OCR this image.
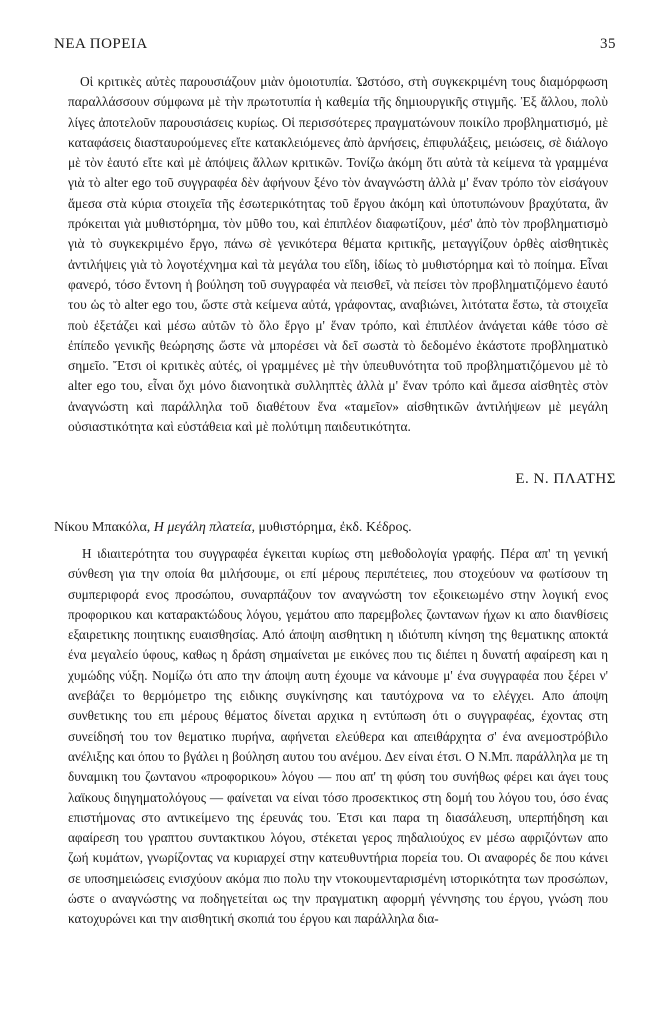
ΝΕΑ ΠΟΡΕΙΑ	35

Οἱ κριτικὲς αὐτὲς παρουσιάζουν μιὰν ὁμοιοτυπία. Ὡστόσο, στὴ συγκεκριμένη τους διαμόρφωση παραλλάσσουν σύμφωνα μὲ τὴν πρωτοτυπία ἡ καθεμία τῆς δημιουργικῆς στιγμῆς. Ἐξ ἄλλου, πολὺ λίγες ἀποτελοῦν παρουσιάσεις κυρίως. Οἱ περισσότερες πραγματώνουν ποικίλο προβληματισμό, μὲ καταφάσεις διασταυρούμενες εἴτε κατακλειόμενες ἀπὸ ἀρνήσεις, ἐπιφυλάξεις, μειώσεις, σὲ διάλογο μὲ τὸν ἑαυτό εἴτε καὶ μὲ ἀπόψεις ἄλλων κριτικῶν. Τονίζω ἀκόμη ὅτι αὐτὰ τὰ κείμενα τὰ γραμμένα γιὰ τὸ alter ego τοῦ συγγραφέα δὲν ἀφήνουν ξένο τὸν ἀναγνώστη ἀλλὰ μ' ἕναν τρόπο τὸν εἰσάγουν ἄμεσα στὰ κύρια στοιχεῖα τῆς ἐσωτερικότητας τοῦ ἔργου ἀκόμη καὶ ὑποτυπώνουν βραχύτατα, ἂν πρόκειται γιὰ μυθιστόρημα, τὸν μῦθο του, καὶ ἐπιπλέον διαφωτίζουν, μέσ' ἀπὸ τὸν προβληματισμὸ γιὰ τὸ συγκεκριμένο ἔργο, πάνω σὲ γενικότερα θέματα κριτικῆς, μεταγγίζουν ὀρθὲς αἰσθητικὲς ἀντιλήψεις γιὰ τὸ λογοτέχνημα καὶ τὰ μεγάλα του εἴδη, ἰδίως τὸ μυθιστόρημα καὶ τὸ ποίημα. Εἶναι φανερό, τόσο ἔντονη ἡ βούληση τοῦ συγγραφέα νὰ πεισθεῖ, νὰ πείσει τὸν προβληματιζόμενο ἑαυτό του ὡς τὸ alter ego του, ὥστε στὰ κείμενα αὐτά, γράφοντας, αναβιώνει, λιτότατα ἔστω, τὰ στοιχεῖα ποὺ ἐξετάζει καὶ μέσω αὐτῶν τὸ ὅλο ἔργο μ' ἕναν τρόπο, καὶ ἐπιπλέον ἀνάγεται κάθε τόσο σὲ ἐπίπεδο γενικῆς θεώρησης ὥστε νὰ μπορέσει νὰ δεῖ σωστὰ τὸ δεδομένο ἑκάστοτε προβληματικὸ σημεῖο. Ἔτσι οἱ κριτικὲς αὐτές, οἱ γραμμένες μὲ τὴν ὑπευθυνότητα τοῦ προβληματιζόμενου μὲ τὸ alter ego του, εἶναι ὄχι μόνο διανοητικὰ συλληπτὲς ἀλλὰ μ' ἕναν τρόπο καὶ ἄμεσα αἰσθητὲς στὸν ἀναγνώστη καὶ παράλληλα τοῦ διαθέτουν ἕνα «ταμεῖον» αἰσθητικῶν ἀντιλήψεων μὲ μεγάλη οὐσιαστικότητα καὶ εὐστάθεια καὶ μὲ πολύτιμη παιδευτικότητα.

Ε. Ν. ΠΛΑΤΗΣ
Νίκου Μπακόλα, Η μεγάλη πλατεία, μυθιστόρημα, ἐκδ. Κέδρος.

Η ιδιαιτερότητα του συγγραφέα έγκειται κυρίως στη μεθοδολογία γραφής. Πέρα απ' τη γενική σύνθεση για την οποία θα μιλήσουμε, οι επί μέρους περιπέτειες, που στοχεύουν να φωτίσουν τη συμπεριφορά ενος προσώπου, συναρπάζουν τον αναγνώστη τον εξοικειωμένο στην λογική ενος προφορικου και καταρακτώδους λόγου, γεμάτου απο παρεμβολες ζωντανων ήχων κι απο διανθίσεις εξαιρετικης ποιητικης ευαισθησίας. Από άποψη αισθητικη η ιδιότυπη κίνηση της θεματικης αποκτά ένα μεγαλείο ύφους, καθως η δράση σημαίνεται με εικόνες που τις διέπει η δυνατή αφαίρεση και η χυμώδης νύξη. Νομίζω ότι απο την άποψη αυτη έχουμε να κάνουμε μ' ένα συγγραφέα που ξέρει ν' ανεβάζει το θερμόμετρο της ειδικης συγκίνησης και ταυτόχρονα να το ελέγχει. Απο άποψη συνθετικης του επι μέρους θέματος δίνεται αρχικα η εντύπωση ότι ο συγγραφέας, έχοντας στη συνείδησή του τον θεματικο πυρήνα, αφήνεται ελεύθερα και απειθάρχητα σ' ένα ανεμοστρόβιλο ανέλιξης και όπου το βγάλει η βούληση αυτου του ανέμου. Δεν είναι έτσι. Ο Ν.Μπ. παράλληλα με τη δυναμικη του ζωντανου «προφορικου» λόγου — που απ' τη φύση του συνήθως φέρει και άγει τους λαϊκους διηγηματολόγους — φαίνεται να είναι τόσο προσεκτικος στη δομή του λόγου του, όσο ένας επιστήμονας στο αντικείμενο της έρευνάς του. Έτσι και παρα τη διασάλευση, υπερπήδηση και αφαίρεση του γραπτου συντακτικου λόγου, στέκεται γερος πηδαλιούχος εν μέσω αφριζόντων απο ζωή κυμάτων, γνωρίζοντας να κυριαρχεί στην κατευθυντήρια πορεία του. Οι αναφορές δε που κάνει σε υποσημειώσεις ενισχύουν ακόμα πιο πολυ την ντοκουμενταρισμένη ιστορικότητα των προσώπων, ώστε ο αναγνώστης να ποδηγετείται ως την πραγματικη αφορμή γέννησης του έργου, γνώση που κατοχυρώνει και την αισθητική σκοπιά του έργου και παράλληλα δια-
